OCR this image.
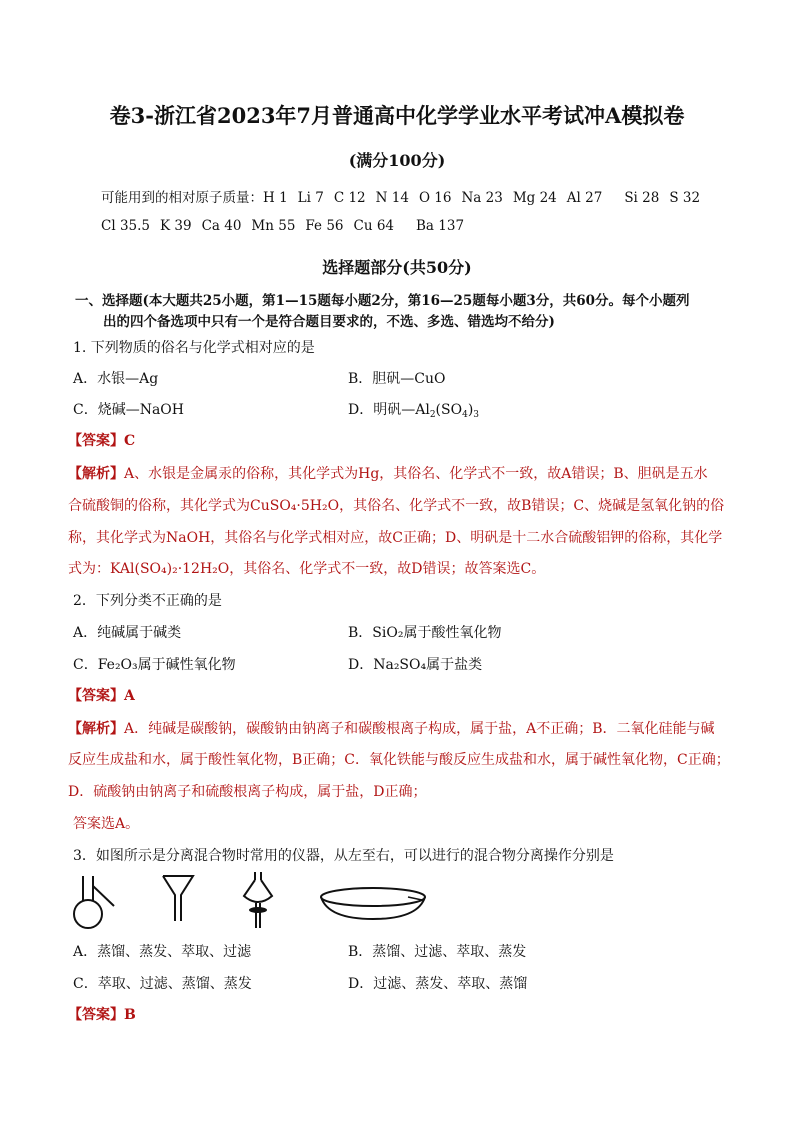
卷3-浙江省2023年7月普通高中化学学业水平考试冲A模拟卷
(满分100分)
可能用到的相对原子质量：H 1 Li 7 C 12 N 14 O 16 Na 23 Mg 24 Al 27 Si 28 S 32
Cl 35.5 K 39 Ca 40 Mn 55 Fe 56 Cu 64 Ba 137
选择题部分(共50分)
一、选择题(本大题共25小题，第1—15题每小题2分，第16—25题每小题3分，共60分。每个小题列
出的四个备选项中只有一个是符合题目要求的，不选、多选、错选均不给分)
1. 下列物质的俗名与化学式相对应的是
A．水银—Ag	B．胆矾—CuO
C．烧碱—NaOH	D．明矾$—Al_2(SO_4)_3$
【答案】C
【解析】A、水银是金属汞的俗称，其化学式为Hg，其俗名、化学式不一致，故A错误；B、胆矾是五水
合硫酸铜的俗称，其化学式为CuSO₄·5H₂O，其俗名、化学式不一致，故B错误；C、烧碱是氢氧化钠的俗
称，其化学式为NaOH，其俗名与化学式相对应，故C正确；D、明矾是十二水合硫酸铝钾的俗称，其化学
式为：KAl(SO₄)₂·12H₂O，其俗名、化学式不一致，故D错误；故答案选C。
2．下列分类不正确的是
A．纯碱属于碱类	B．SiO₂属于酸性氧化物
C．Fe₂O₃属于碱性氧化物	D．Na₂SO₄属于盐类
【答案】A
【解析】A．纯碱是碳酸钠，碳酸钠由钠离子和碳酸根离子构成，属于盐，A不正确；B．二氧化硅能与碱
反应生成盐和水，属于酸性氧化物，B正确；C．氧化铁能与酸反应生成盐和水，属于碱性氧化物，C正确；
D．硫酸钠由钠离子和硫酸根离子构成，属于盐，D正确；
答案选A。
3．如图所示是分离混合物时常用的仪器，从左至右，可以进行的混合物分离操作分别是
A．蒸馏、蒸发、萃取、过滤	B．蒸馏、过滤、萃取、蒸发
C．萃取、过滤、蒸馏、蒸发	D．过滤、蒸发、萃取、蒸馏
【答案】B
